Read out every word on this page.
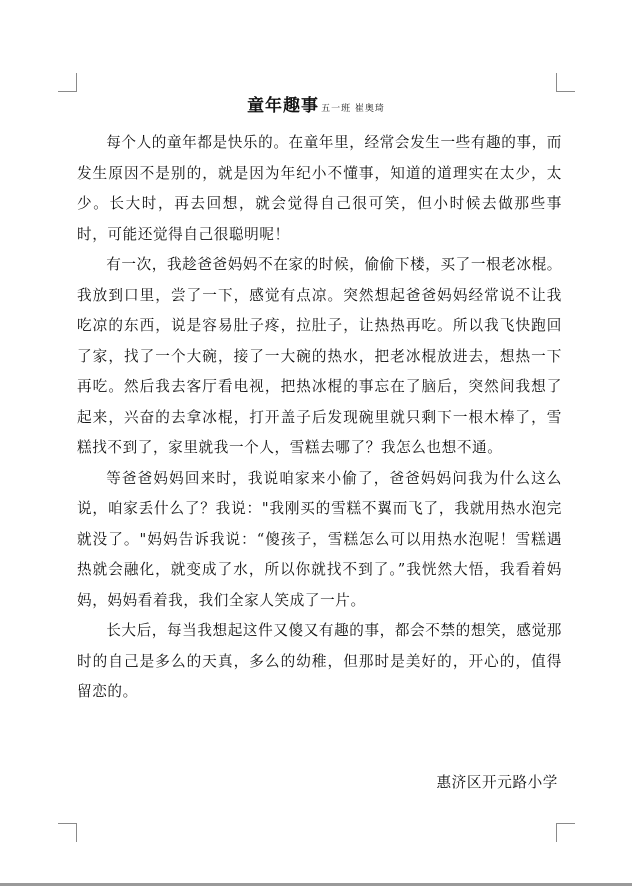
童年趣事 五一班 崔奥琦

每个人的童年都是快乐的。在童年里，经常会发生一些有趣的事，而发生原因不是别的，就是因为年纪小不懂事，知道的道理实在太少，太少。长大时，再去回想，就会觉得自己很可笑，但小时候去做那些事时，可能还觉得自己很聪明呢！

有一次，我趁爸爸妈妈不在家的时候，偷偷下楼，买了一根老冰棍。我放到口里，尝了一下，感觉有点凉。突然想起爸爸妈妈经常说不让我吃凉的东西，说是容易肚子疼，拉肚子，让热热再吃。所以我飞快跑回了家，找了一个大碗，接了一大碗的热水，把老冰棍放进去，想热一下再吃。然后我去客厅看电视，把热冰棍的事忘在了脑后，突然间我想了起来，兴奋的去拿冰棍，打开盖子后发现碗里就只剩下一根木棒了，雪糕找不到了，家里就我一个人，雪糕去哪了？我怎么也想不通。

等爸爸妈妈回来时，我说咱家来小偷了，爸爸妈妈问我为什么这么说，咱家丢什么了？我说："我刚买的雪糕不翼而飞了，我就用热水泡完就没了。"妈妈告诉我说：“傻孩子，雪糕怎么可以用热水泡呢！雪糕遇热就会融化，就变成了水，所以你就找不到了。”我恍然大悟，我看着妈妈，妈妈看着我，我们全家人笑成了一片。

长大后，每当我想起这件又傻又有趣的事，都会不禁的想笑，感觉那时的自己是多么的天真，多么的幼稚，但那时是美好的，开心的，值得留恋的。

惠济区开元路小学
